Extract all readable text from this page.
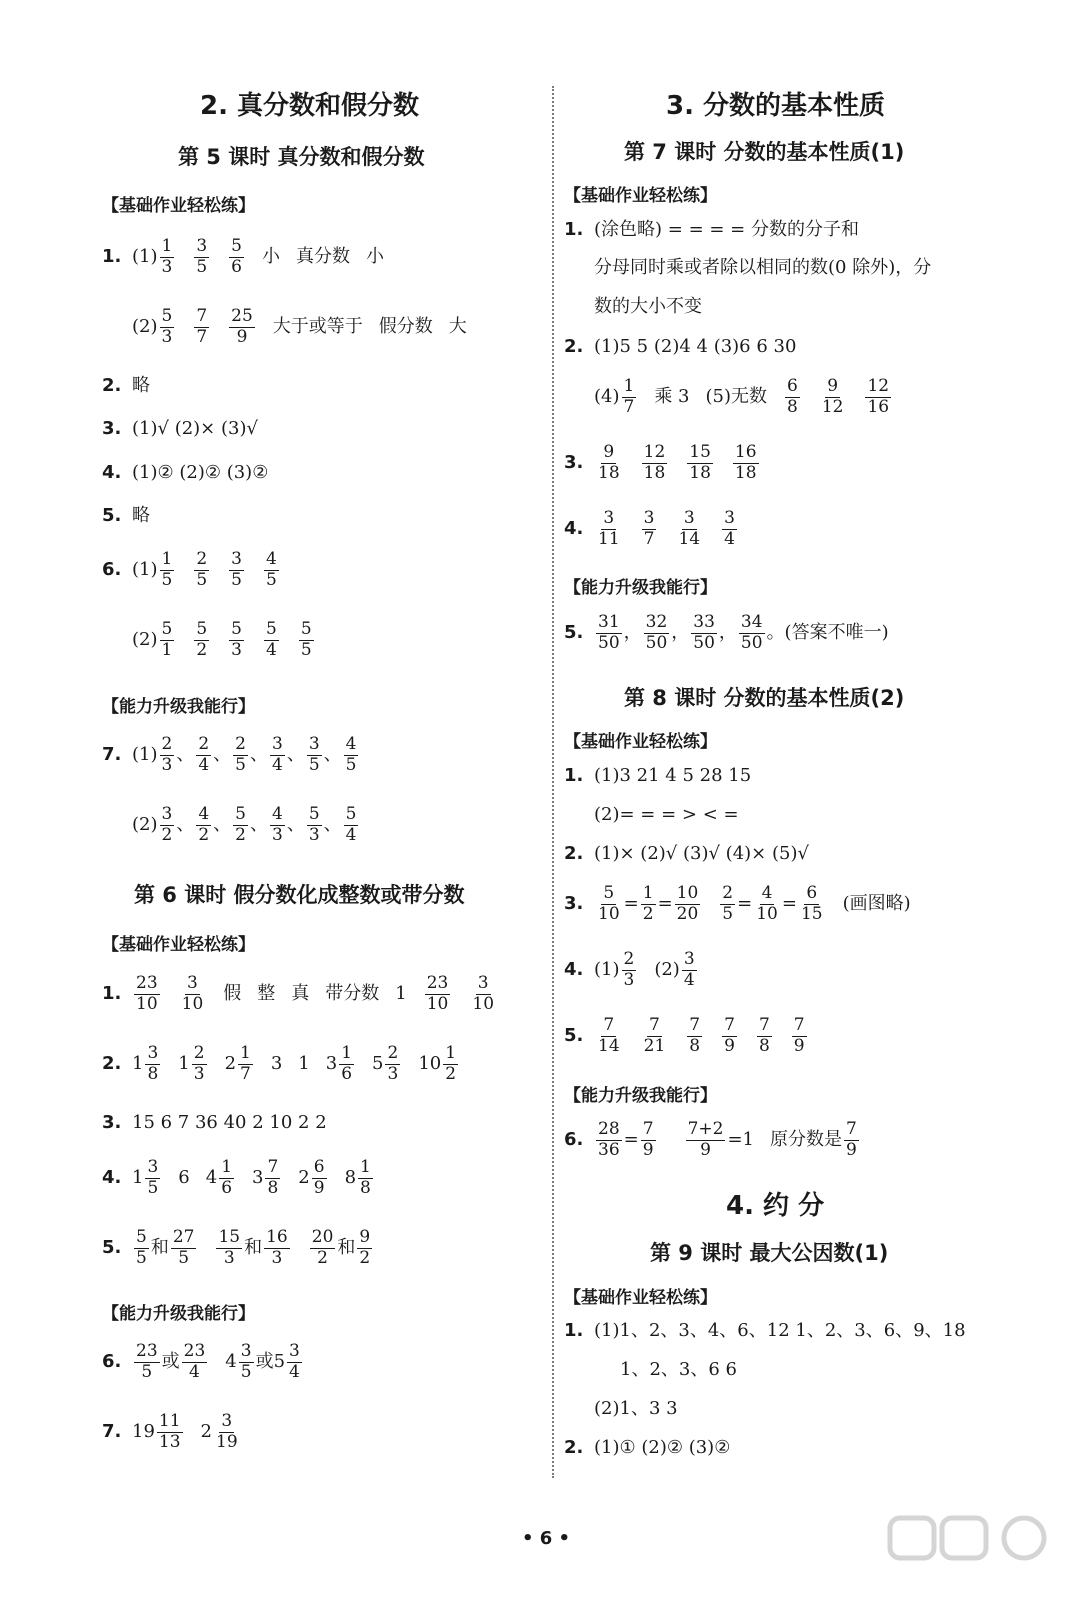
2. 真分数和假分数
第 5 课时 真分数和假分数
【基础作业轻松练】
1. $(1) \frac{1}{3} \frac{3}{5} \frac{5}{6}$ 小 真分数 小
$(2) \frac{5}{3} \frac{7}{7} \frac{25}{9}$ 大于或等于 假分数 大
2. 略
3. (1)√ (2)× (3)√
4. (1)② (2)② (3)②
5. 略
6. $(1) \frac{1}{5} \frac{2}{5} \frac{3}{5} \frac{4}{5}$
$(2) \frac{5}{1} \frac{5}{2} \frac{5}{3} \frac{5}{4} \frac{5}{5}$
【能力升级我能行】
7. $(1) \frac{2}{3}$ 、 $\frac{2}{4}$ 、 $\frac{2}{5}$ 、 $\frac{3}{4}$ 、 $\frac{3}{5}$ 、 $\frac{4}{5}$
$(2) \frac{3}{2}$ 、 $\frac{4}{2}$ 、 $\frac{5}{2}$ 、 $\frac{4}{3}$ 、 $\frac{5}{3}$ 、 $\frac{5}{4}$
第 6 课时 假分数化成整数或带分数
【基础作业轻松练】
1. $\frac{23}{10} \frac{3}{10}$ 假 整 真 带分数 $1 \frac{23}{10} \frac{3}{10}$
2. 1
3
8 1
2
3 2
1
7 3 1 3
1
6 5
2
3 10
1
2
3. 15 6 7 36 40 2 10 2 2
4. 1
3
5 6 4
1
6 3
7
8 2
6
9 8
1
8
5. $\frac{5}{5}$ 和 $\frac{27}{5} \frac{15}{3}$ 和 $\frac{16}{3} \frac{20}{2}$ 和 $\frac{9}{2}$
【能力升级我能行】
6. $\frac{23}{5}$ 或 $\frac{23}{4} 4$
3
5 或 5
3
4
7. 19
11
13 2
3
19
3. 分数的基本性质
第 7 课时 分数的基本性质(1)
【基础作业轻松练】
1. (涂色略) = = = = 分数的分子和
分母同时乘或者除以相同的数(0 除外)，分
数的大小不变
2. (1)5 5 (2)4 4 (3)6 6 30
$(4) \frac{1}{7}$ 乘 3 (5)无数 $\frac{6}{8} \frac{9}{12} \frac{12}{16}$
3. $\frac{9}{18} \frac{12}{18} \frac{15}{18} \frac{16}{18}$
4. $\frac{3}{11} \frac{3}{7} \frac{3}{14} \frac{3}{4}$
【能力升级我能行】
5. $\frac{31}{50}$ ， $\frac{32}{50}$ ， $\frac{33}{50}$ ， $\frac{34}{50}$ 。(答案不唯一)
第 8 课时 分数的基本性质(2)
【基础作业轻松练】
1. (1)3 21 4 5 28 15
(2)= = = > < =
2. (1)× (2)√ (3)√ (4)× (5)√
3. $\frac{5}{10} = \frac{1}{2} = \frac{10}{20} \frac{2}{5} = \frac{4}{10} = \frac{6}{15}$ (画图略)
4. $(1) \frac{2}{3} (2) \frac{3}{4}$
5. $\frac{7}{14} \frac{7}{21} \frac{7}{8} \frac{7}{9} \frac{7}{8} \frac{7}{9}$
【能力升级我能行】
6. $\frac{28}{36} = \frac{7}{9} \frac{7+2}{9} =1$ 原分数是 $\frac{7}{9}$
4. 约 分
第 9 课时 最大公因数(1)
【基础作业轻松练】
1. (1)1、2、3、4、6、12 1、2、3、6、9、18
1、2、3、6 6
(2)1、3 3
2. (1)① (2)② (3)②
• 6 •
